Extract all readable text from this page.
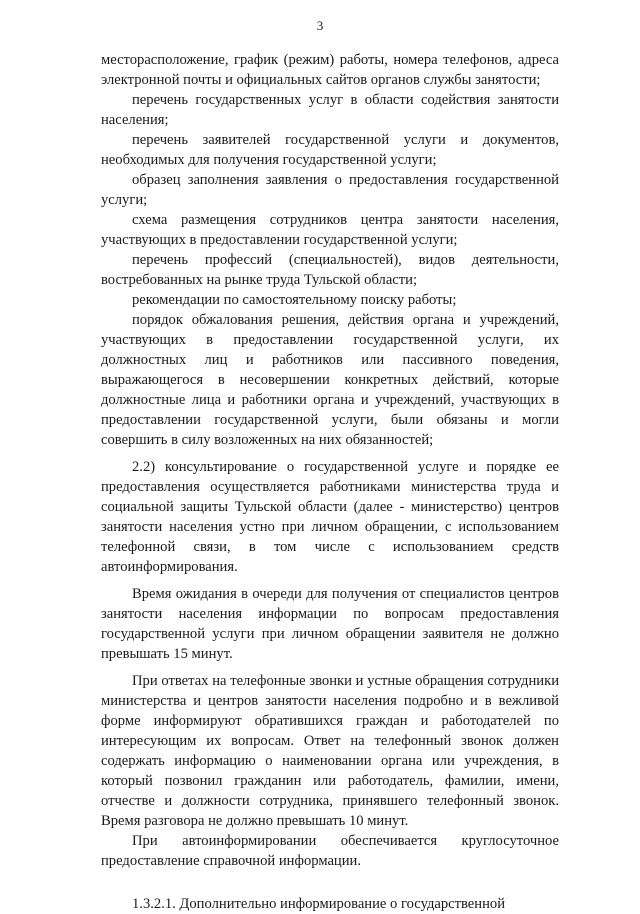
3

месторасположение, график (режим) работы, номера телефонов, адреса электронной почты и официальных сайтов органов службы занятости;

перечень государственных услуг в области содействия занятости населения;

перечень заявителей государственной услуги и документов, необходимых для получения государственной услуги;

образец заполнения заявления о предоставления государственной услуги;

схема размещения сотрудников центра занятости населения, участвующих в предоставлении государственной услуги;

перечень профессий (специальностей), видов деятельности, востребованных на рынке труда Тульской области;

рекомендации по самостоятельному поиску работы;

порядок обжалования решения, действия органа и учреждений, участвующих в предоставлении государственной услуги, их должностных лиц и работников или пассивного поведения, выражающегося в несовершении конкретных действий, которые должностные лица и работники органа и учреждений, участвующих в предоставлении государственной услуги, были обязаны и могли совершить в силу возложенных на них обязанностей;

2.2) консультирование о государственной услуге и порядке ее предоставления осуществляется работниками министерства труда и социальной защиты Тульской области (далее - министерство) центров занятости населения устно при личном обращении, с использованием телефонной связи, в том числе с использованием средств автоинформирования.

Время ожидания в очереди для получения от специалистов центров занятости населения информации по вопросам предоставления государственной услуги при личном обращении заявителя не должно превышать 15 минут.

При ответах на телефонные звонки и устные обращения сотрудники министерства и центров занятости населения подробно и в вежливой форме информируют обратившихся граждан и работодателей по интересующим их вопросам. Ответ на телефонный звонок должен содержать информацию о наименовании органа или учреждения, в который позвонил гражданин или работодатель, фамилии, имени, отчестве и должности сотрудника, принявшего телефонный звонок. Время разговора не должно превышать 10 минут.

При автоинформировании обеспечивается круглосуточное предоставление справочной информации.

1.3.2.1. Дополнительно информирование о государственной
